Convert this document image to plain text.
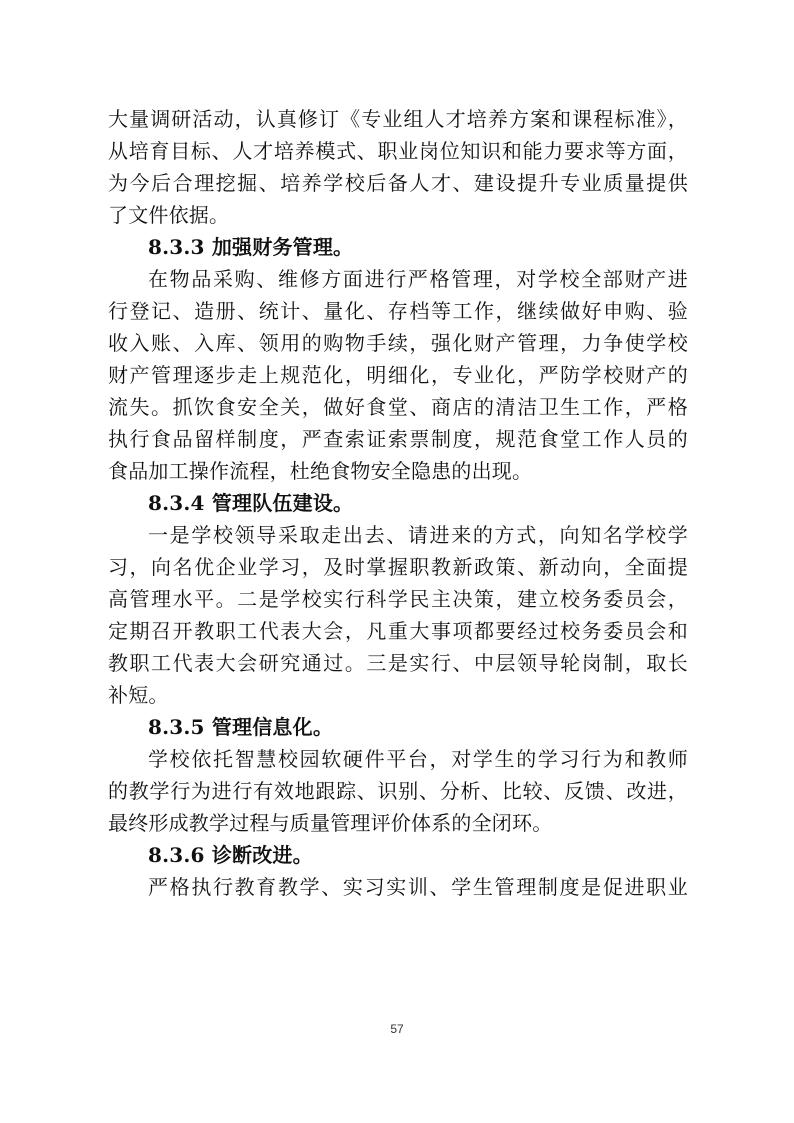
大量调研活动，认真修订《专业组人才培养方案和课程标准》，
从培育目标、人才培养模式、职业岗位知识和能力要求等方面，
为今后合理挖掘、培养学校后备人才、建设提升专业质量提供
了文件依据。
8.3.3 加强财务管理。
在物品采购、维修方面进行严格管理，对学校全部财产进
行登记、造册、统计、量化、存档等工作，继续做好申购、验
收入账、入库、领用的购物手续，强化财产管理，力争使学校
财产管理逐步走上规范化，明细化，专业化，严防学校财产的
流失。抓饮食安全关，做好食堂、商店的清洁卫生工作，严格
执行食品留样制度，严查索证索票制度，规范食堂工作人员的
食品加工操作流程，杜绝食物安全隐患的出现。
8.3.4 管理队伍建设。
一是学校领导采取走出去、请进来的方式，向知名学校学
习，向名优企业学习，及时掌握职教新政策、新动向，全面提
高管理水平。二是学校实行科学民主决策，建立校务委员会，
定期召开教职工代表大会，凡重大事项都要经过校务委员会和
教职工代表大会研究通过。三是实行、中层领导轮岗制，取长
补短。
8.3.5 管理信息化。
学校依托智慧校园软硬件平台，对学生的学习行为和教师
的教学行为进行有效地跟踪、识别、分析、比较、反馈、改进，
最终形成教学过程与质量管理评价体系的全闭环。
8.3.6 诊断改进。
严格执行教育教学、实习实训、学生管理制度是促进职业
57
